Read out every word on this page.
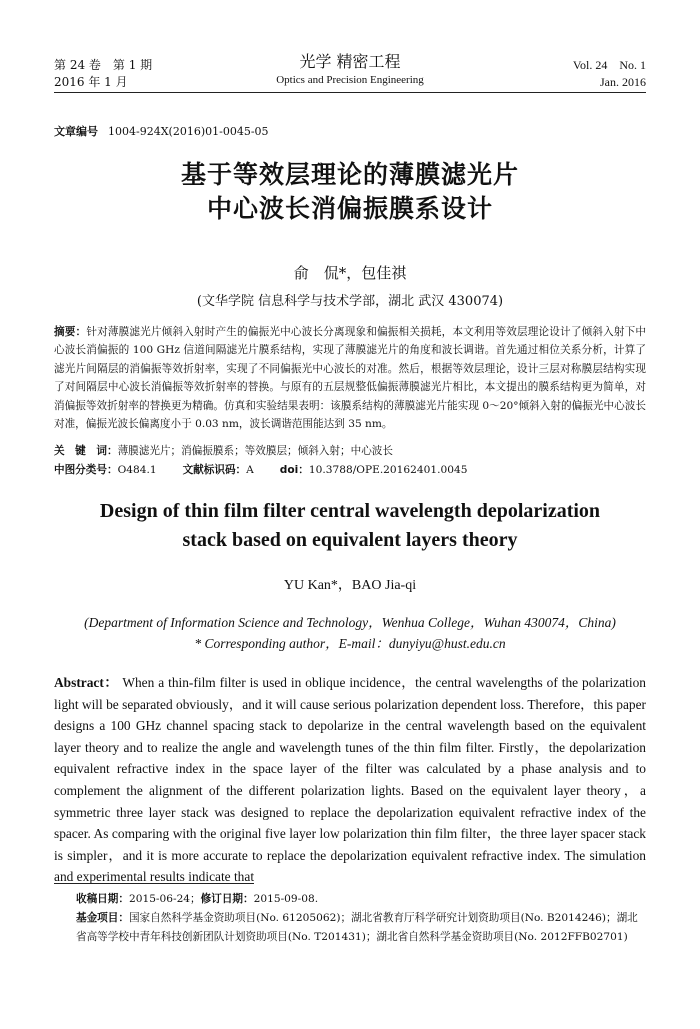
第 24 卷　第 1 期
2016 年 1 月
光学 精密工程
Optics and Precision Engineering
Vol. 24　No. 1
Jan. 2016
文章编号 1004-924X(2016)01-0045-05
基于等效层理论的薄膜滤光片
中心波长消偏振膜系设计
俞　侃*，包佳祺
(文华学院 信息科学与技术学部，湖北 武汉 430074)
摘要：针对薄膜滤光片倾斜入射时产生的偏振光中心波长分离现象和偏振相关损耗，本文利用等效层理论设计了倾斜入射下中心波长消偏振的 100 GHz 信道间隔滤光片膜系结构，实现了薄膜滤光片的角度和波长调谐。首先通过相位关系分析，计算了滤光片间隔层的消偏振等效折射率，实现了不同偏振光中心波长的对准。然后，根据等效层理论，设计三层对称膜层结构实现了对间隔层中心波长消偏振等效折射率的替换。与原有的五层规整低偏振薄膜滤光片相比，本文提出的膜系结构更为简单，对消偏振等效折射率的替换更为精确。仿真和实验结果表明：该膜系结构的薄膜滤光片能实现 0～20°倾斜入射的偏振光中心波长对准，偏振光波长偏离度小于 0.03 nm，波长调谐范围能达到 35 nm。
关　键　词：薄膜滤光片；消偏振膜系；等效膜层；倾斜入射；中心波长
中图分类号：O484.1 文献标识码：A doi：10.3788/OPE.20162401.0045
Design of thin film filter central wavelength depolarization
stack based on equivalent layers theory
YU Kan*，BAO Jia-qi
(Department of Information Science and Technology，Wenhua College，Wuhan 430074，China)
* Corresponding author，E-mail：dunyiyu@hust.edu.cn
Abstract： When a thin-film filter is used in oblique incidence，the central wavelengths of the polarization light will be separated obviously，and it will cause serious polarization dependent loss. Therefore，this paper designs a 100 GHz channel spacing stack to depolarize in the central wavelength based on the equivalent layer theory and to realize the angle and wavelength tunes of the thin film filter. Firstly，the depolarization equivalent refractive index in the space layer of the filter was calculated by a phase analysis and to complement the alignment of the different polarization lights. Based on the equivalent layer theory，a symmetric three layer stack was designed to replace the depolarization equivalent refractive index of the spacer. As comparing with the original five layer low polarization thin film filter，the three layer spacer stack is simpler，and it is more accurate to replace the depolarization equivalent refractive index. The simulation and experimental results indicate that
收稿日期：2015-06-24；修订日期：2015-09-08.
基金项目：国家自然科学基金资助项目(No. 61205062)；湖北省教育厅科学研究计划资助项目(No. B2014246)；湖北省高等学校中青年科技创新团队计划资助项目(No. T201431)；湖北省自然科学基金资助项目(No. 2012FFB02701)
